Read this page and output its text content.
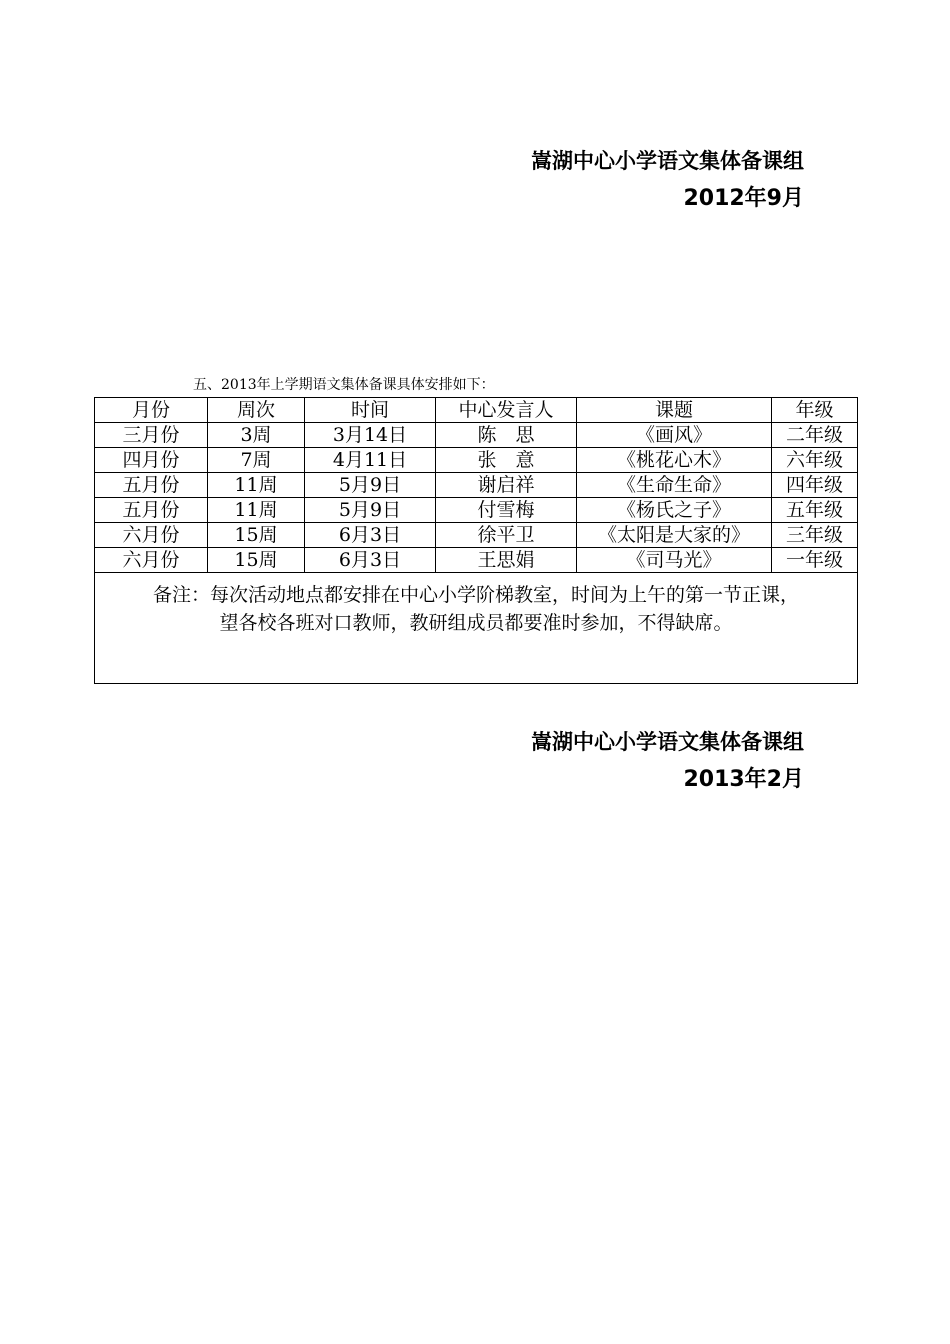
嵩湖中心小学语文集体备课组
2012年9月
五、2013年上学期语文集体备课具体安排如下：
月份	周次	时间	中心发言人	课题	年级
三月份	3周	3月14日	陈　思	《画风》	二年级
四月份	7周	4月11日	张　意	《桃花心木》	六年级
五月份	11周	5月9日	谢启祥	《生命生命》	四年级
五月份	11周	5月9日	付雪梅	《杨氏之子》	五年级
六月份	15周	6月3日	徐平卫	《太阳是大家的》	三年级
六月份	15周	6月3日	王思娟	《司马光》	一年级

备注：每次活动地点都安排在中心小学阶梯教室，时间为上午的第一节正课，
望各校各班对口教师，教研组成员都要准时参加，不得缺席。					
嵩湖中心小学语文集体备课组
2013年2月
